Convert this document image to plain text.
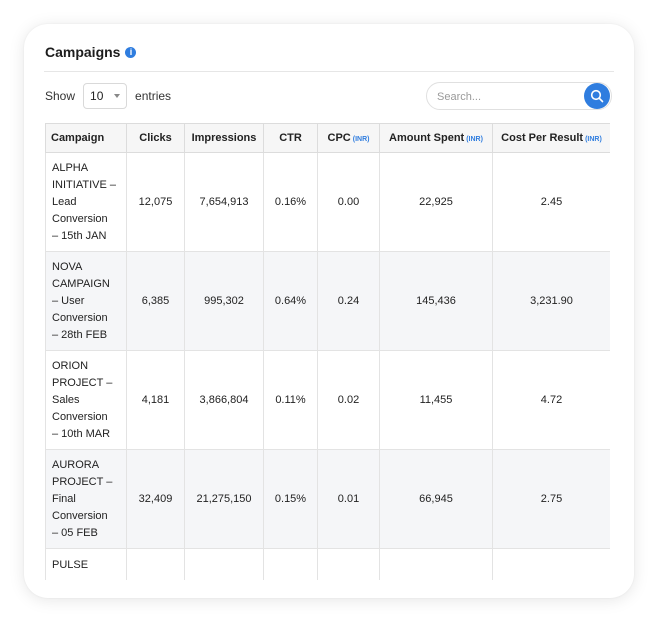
Campaigns	i
Show 10	entries
Search...
Campaign	Clicks	Impressions	CTR	CPC (INR)	Amount Spent (INR)	Cost Per Result (INR)

ALPHA
INITIATIVE –
Lead
Conversion
– 15th JAN	12,075	7,654,913	0.16%	0.00	22,925	2.45

NOVA
CAMPAIGN
– User
Conversion
– 28th FEB	6,385	995,302	0.64%	0.24	145,436	3,231.90

ORION
PROJECT –
Sales
Conversion
– 10th MAR	4,181	3,866,804	0.11%	0.02	11,455	4.72

AURORA
PROJECT –
Final
Conversion
– 05 FEB	32,409	21,275,150	0.15%	0.01	66,945	2.75

PULSE						
